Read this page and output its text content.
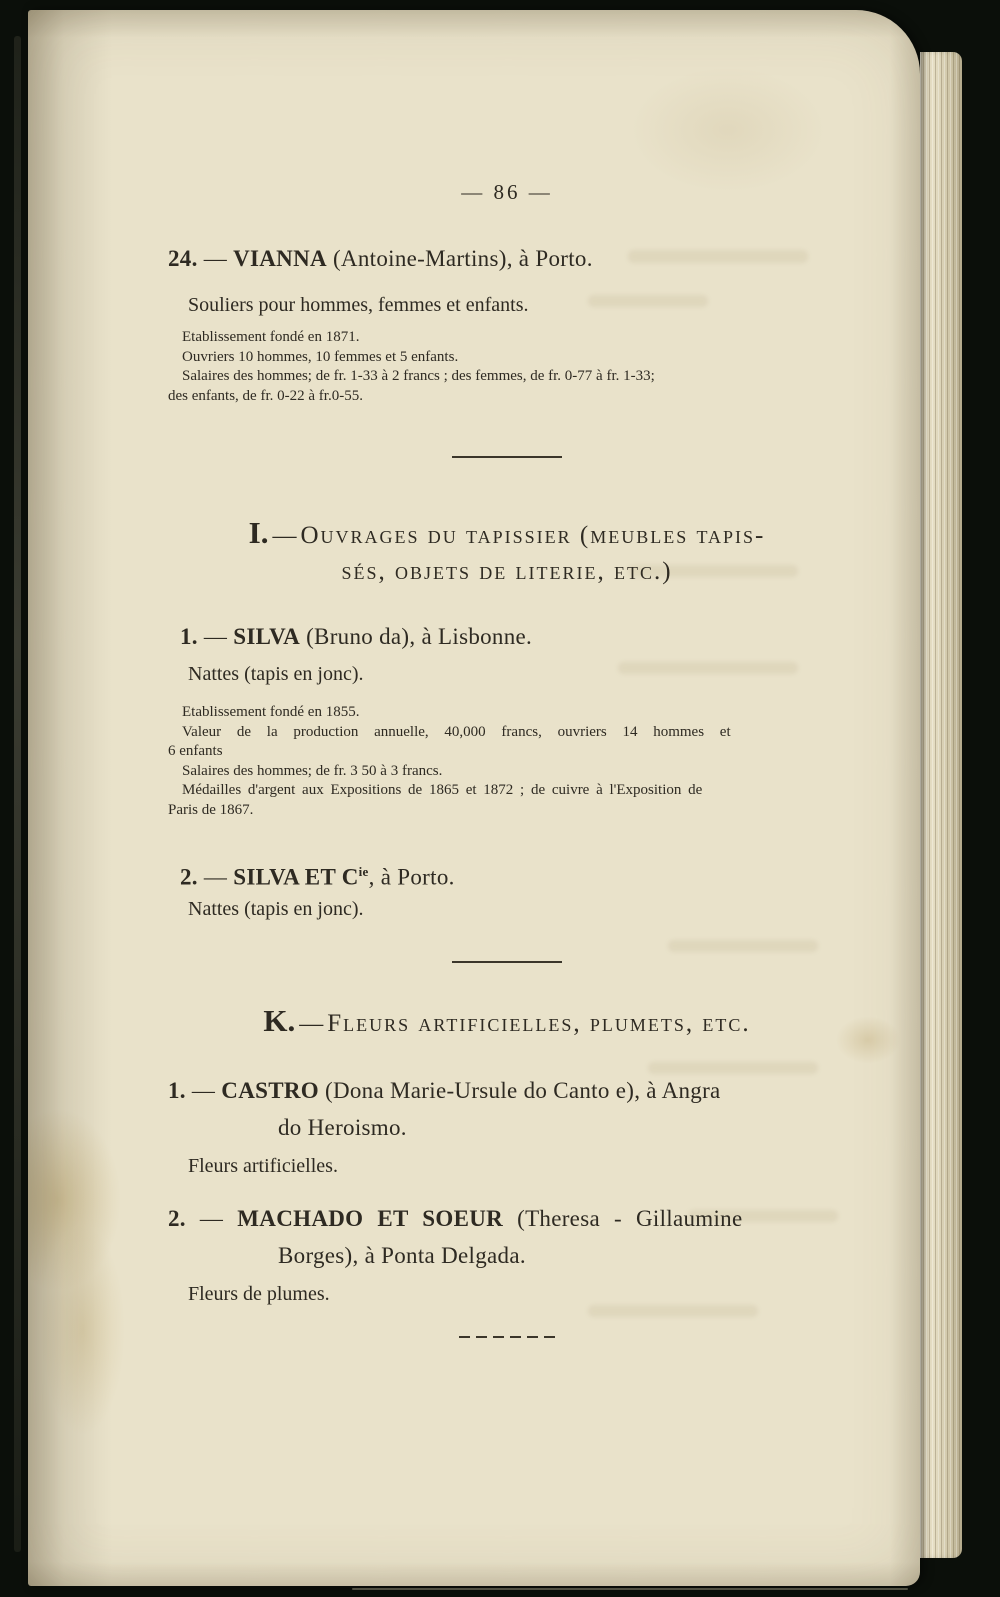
— 86 —
24. — VIANNA (Antoine-Martins), à Porto.
Souliers pour hommes, femmes et enfants.
Etablissement fondé en 1871.
Ouvriers 10 hommes, 10 femmes et 5 enfants.
Salaires des hommes; de fr. 1-33 à 2 francs ; des femmes, de fr. 0-77 à fr. 1-33;
des enfants, de fr. 0-22 à fr.0-55.
I. — Ouvrages du tapissier (meubles tapis-
sés, objets de literie, etc.)
1. — SILVA (Bruno da), à Lisbonne.
Nattes (tapis en jonc).
Etablissement fondé en 1855.
Valeur de la production annuelle, 40,000 francs, ouvriers 14 hommes et
6 enfants
Salaires des hommes; de fr. 3 50 à 3 francs.
Médailles d'argent aux Expositions de 1865 et 1872 ; de cuivre à l'Exposition de
Paris de 1867.
2. — SILVA ET $C^{ie}$, à Porto.
Nattes (tapis en jonc).
K. — Fleurs artificielles, plumets, etc.
1. — CASTRO (Dona Marie-Ursule do Canto e), à Angra
do Heroismo.
Fleurs artificielles.
2. — MACHADO ET SOEUR (Theresa - Gillaumine
Borges), à Ponta Delgada.
Fleurs de plumes.
